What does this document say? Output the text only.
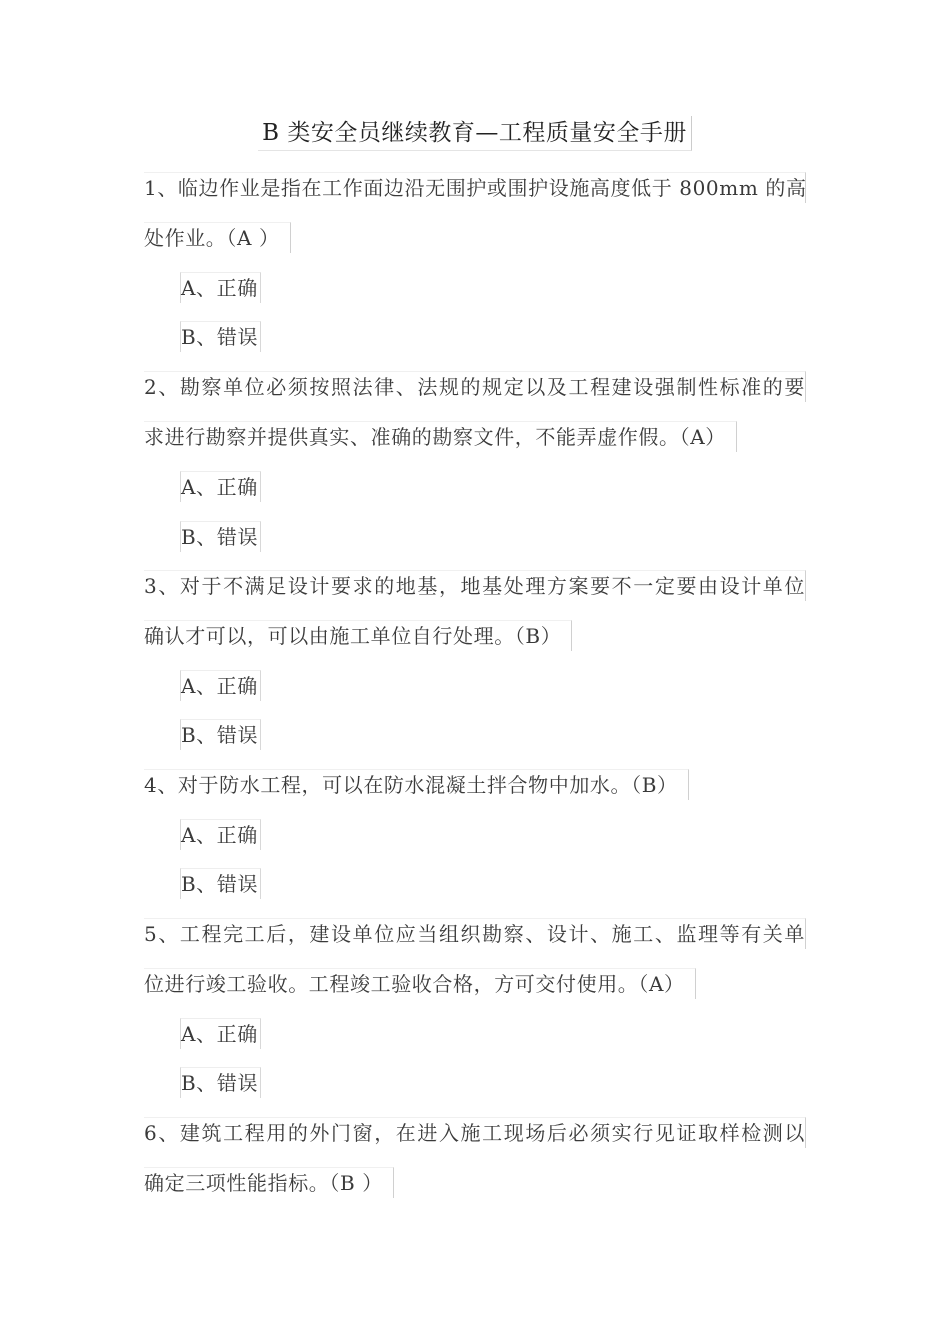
B 类安全员继续教育—工程质量安全手册
1、临边作业是指在工作面边沿无围护或围护设施高度低于 800mm 的高
处作业。（A ）
A、正确
B、错误
2、勘察单位必须按照法律、法规的规定以及工程建设强制性标准的要
求进行勘察并提供真实、准确的勘察文件，不能弄虚作假。（A）
A、正确
B、错误
3、对于不满足设计要求的地基，地基处理方案要不一定要由设计单位
确认才可以，可以由施工单位自行处理。（B）
A、正确
B、错误
4、对于防水工程，可以在防水混凝土拌合物中加水。（B）
A、正确
B、错误
5、工程完工后，建设单位应当组织勘察、设计、施工、监理等有关单
位进行竣工验收。工程竣工验收合格，方可交付使用。（A）
A、正确
B、错误
6、建筑工程用的外门窗，在进入施工现场后必须实行见证取样检测以
确定三项性能指标。（B ）
